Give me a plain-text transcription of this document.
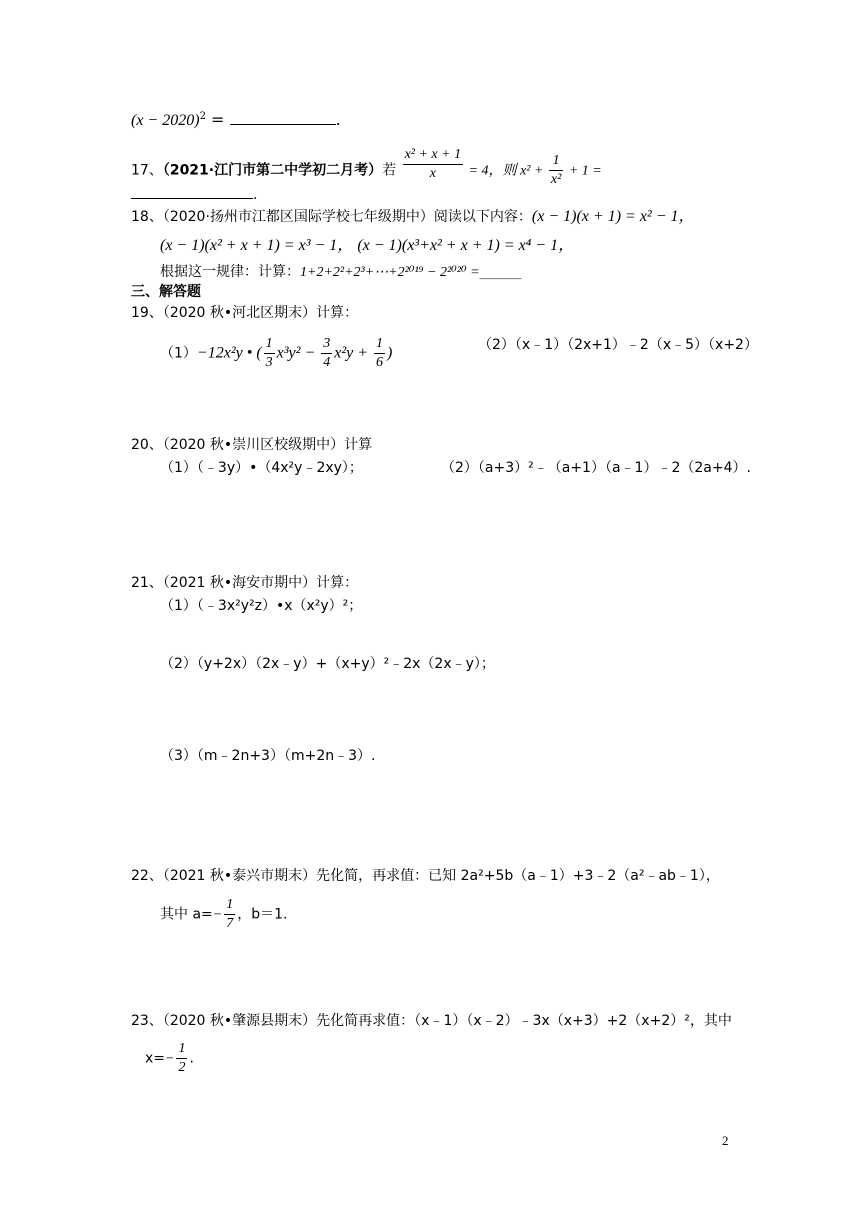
$(x - 2020)^2$ =	.
17、（2021·江门市第二中学初二月考）若 $\frac{\text{x² + x + 1}}{x} = 4$，则 $x^2 + \frac{1}{\text{x²}} + 1$ =
.
18、（2020·扬州市江都区国际学校七年级期中）阅读以下内容：(x − 1)(x + 1) = x² − 1，
(x − 1)(x² + x + 1) = x³ − 1， (x − 1)(x³+x² + x + 1) = x⁴ − 1，
根据这一规律：计算：1+2+2²+2³+⋯+2²⁰¹⁹ − 2²⁰²⁰ =______
三、解答题
19、（2020 秋•河北区期末）计算：
（1）−12x²y • ( $\frac{1}{3} x^3y^2 - \frac{3}{4} x^2y + \frac{1}{6}$ )	（2）（x﹣1）（2x+1）﹣2（x﹣5）（x+2）
20、（2020 秋•崇川区校级期中）计算
（1）（﹣3y）•（4x²y﹣2xy）；	（2）（a+3）²﹣（a+1）（a﹣1）﹣2（2a+4）.
21、（2021 秋•海安市期中）计算：
（1）（﹣3x²y²z）•x（x²y）²；
（2）（y+2x）（2x﹣y）+（x+y）²﹣2x（2x﹣y）；
（3）（m﹣2n+3）（m+2n﹣3）.
22、（2021 秋•泰兴市期末）先化简，再求值：已知 2a²+5b（a﹣1）+3﹣2（a²﹣ab﹣1），
其中 $a=- \frac{1}{7}$ ，b＝1.
23、（2020 秋•肇源县期末）先化简再求值：（x﹣1）（x﹣2）﹣3x（x+3）+2（x+2）²，其中
$x=- \frac{1}{2}$ .
2
